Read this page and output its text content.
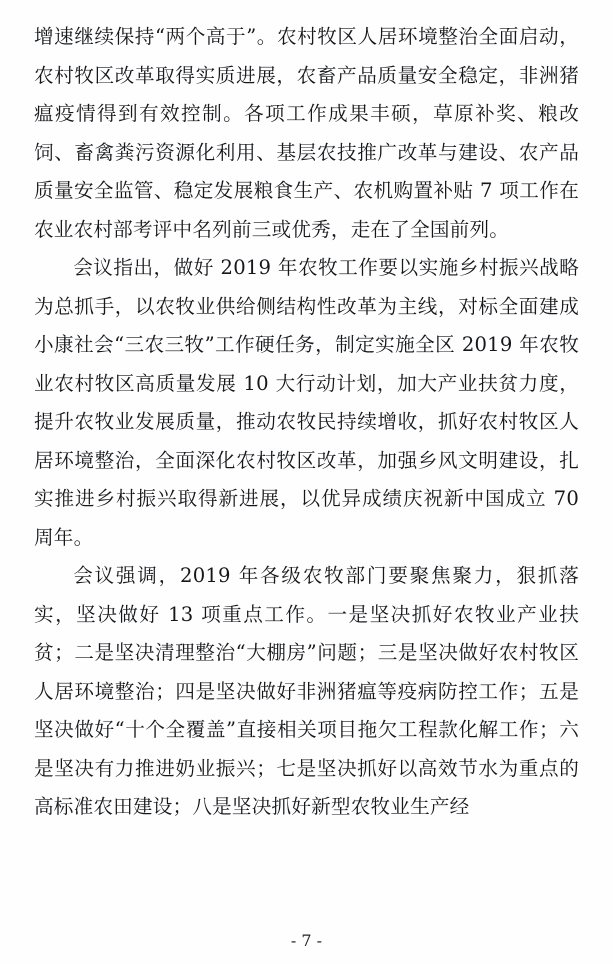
增速继续保持“两个高于”。农村牧区人居环境整治全面启动，农村牧区改革取得实质进展，农畜产品质量安全稳定，非洲猪瘟疫情得到有效控制。各项工作成果丰硕，草原补奖、粮改饲、畜禽粪污资源化利用、基层农技推广改革与建设、农产品质量安全监管、稳定发展粮食生产、农机购置补贴 7 项工作在农业农村部考评中名列前三或优秀，走在了全国前列。

会议指出，做好 2019 年农牧工作要以实施乡村振兴战略为总抓手，以农牧业供给侧结构性改革为主线，对标全面建成小康社会“三农三牧”工作硬任务，制定实施全区 2019 年农牧业农村牧区高质量发展 10 大行动计划，加大产业扶贫力度，提升农牧业发展质量，推动农牧民持续增收，抓好农村牧区人居环境整治，全面深化农村牧区改革，加强乡风文明建设，扎实推进乡村振兴取得新进展，以优异成绩庆祝新中国成立 70 周年。

会议强调，2019 年各级农牧部门要聚焦聚力，狠抓落实，坚决做好 13 项重点工作。一是坚决抓好农牧业产业扶贫；二是坚决清理整治“大棚房”问题；三是坚决做好农村牧区人居环境整治；四是坚决做好非洲猪瘟等疫病防控工作；五是坚决做好“十个全覆盖”直接相关项目拖欠工程款化解工作；六是坚决有力推进奶业振兴；七是坚决抓好以高效节水为重点的高标准农田建设；八是坚决抓好新型农牧业生产经

- 7 -
